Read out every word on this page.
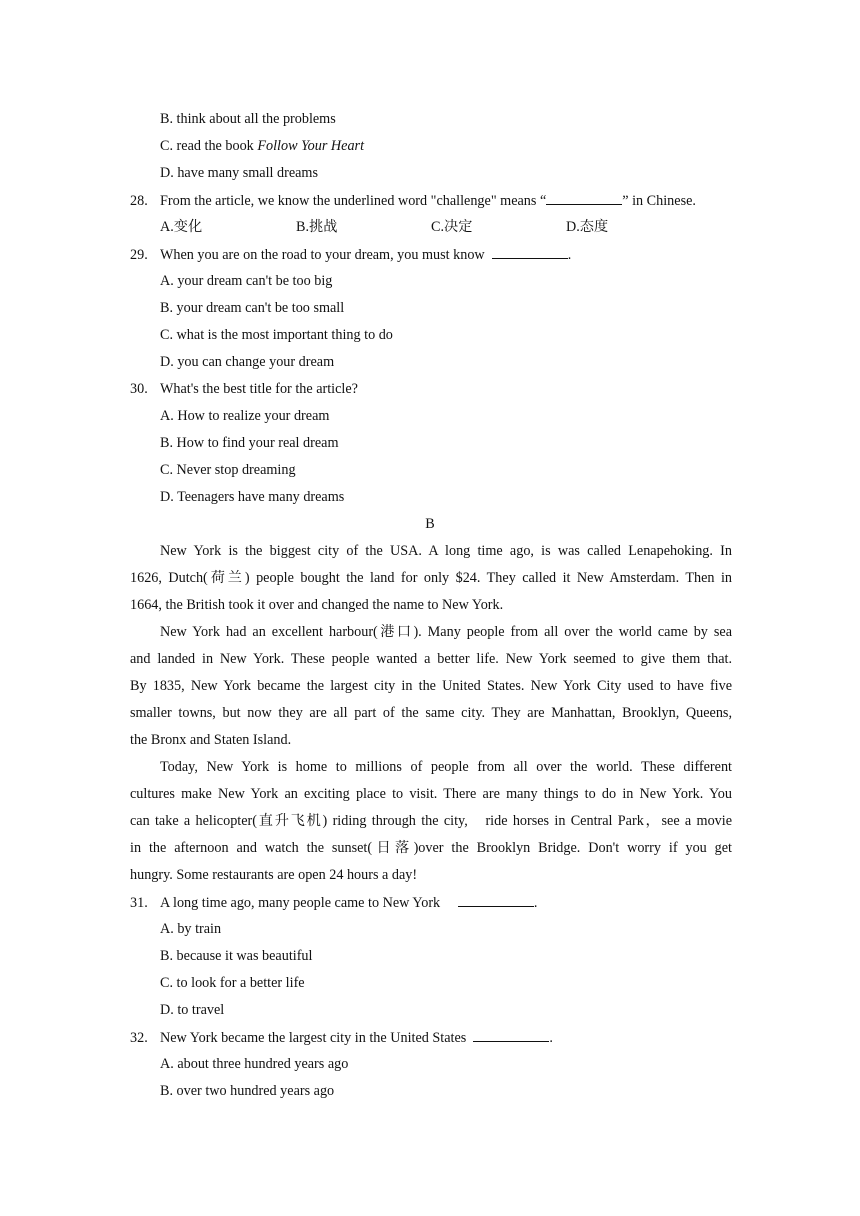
B. think about all the problems
C. read the book Follow Your Heart
D. have many small dreams
28. From the article, we know the underlined word "challenge" means “	” in Chinese.
A.变化	B.挑战	C.决定	D.态度
29. When you are on the road to your dream, you must know	.
A. your dream can't be too big
B. your dream can't be too small
C. what is the most important thing to do
D. you can change your dream
30. What's the best title for the article?
A. How to realize your dream
B. How to find your real dream
C. Never stop dreaming
D. Teenagers have many dreams
B
New York is the biggest city of the USA. A long time ago, is was called Lenapehoking. In
1626, Dutch(荷兰) people bought the land for only $24. They called it New Amsterdam. Then in
1664, the British took it over and changed the name to New York.
New York had an excellent harbour(港口). Many people from all over the world came by sea
and landed in New York. These people wanted a better life. New York seemed to give them that.
By 1835, New York became the largest city in the United States. New York City used to have five
smaller towns, but now they are all part of the same city. They are Manhattan, Brooklyn, Queens,
the Bronx and Staten Island.
Today, New York is home to millions of people from all over the world. These different
cultures make New York an exciting place to visit. There are many things to do in New York. You
can take a helicopter(直升飞机) riding through the city,　ride horses in Central Park，see a movie
in the afternoon and watch the sunset(日落)over the Brooklyn Bridge. Don't worry if you get
hungry. Some restaurants are open 24 hours a day!
31. A long time ago, many people came to New York	.
A. by train
B. because it was beautiful
C. to look for a better life
D. to travel
32. New York became the largest city in the United States	.
A. about three hundred years ago
B. over two hundred years ago
